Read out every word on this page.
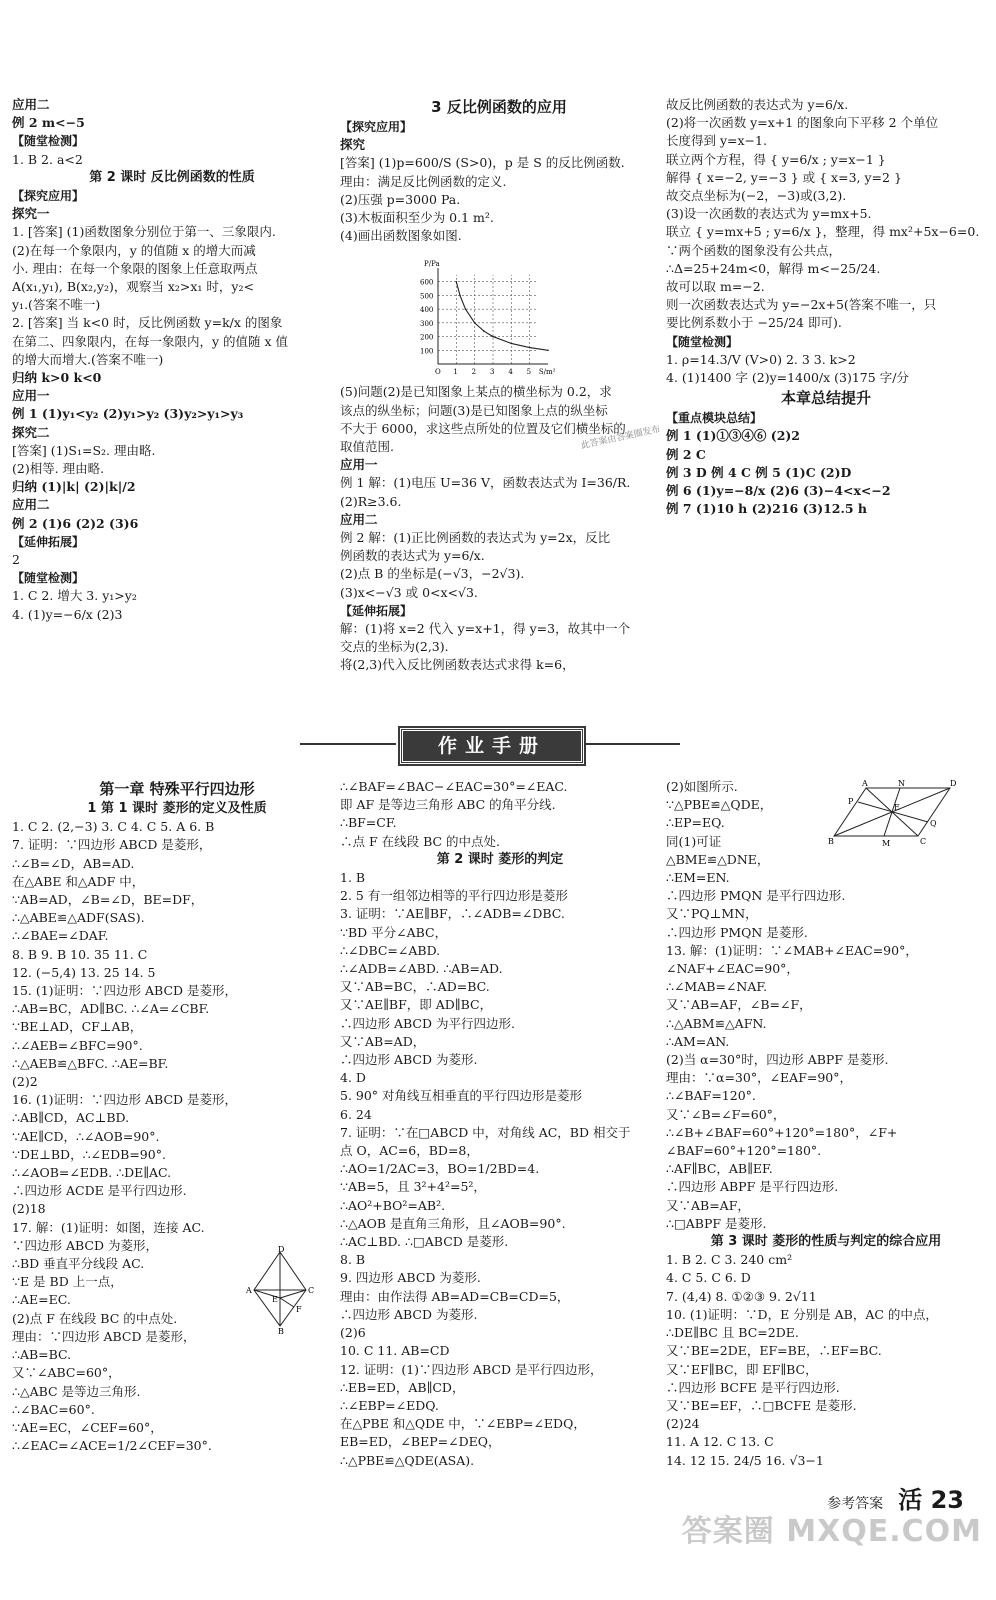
应用二
例 2 m<−5
【随堂检测】
1. B 2. a<2
第 2 课时 反比例函数的性质
【探究应用】
探究一
1. [答案] (1)函数图象分别位于第一、三象限内.
(2)在每一个象限内，y 的值随 x 的增大而减
小. 理由：在每一个象限的图象上任意取两点
A(x₁,y₁), B(x₂,y₂)，观察当 x₂>x₁ 时，y₂<
y₁.(答案不唯一)
2. [答案] 当 k<0 时，反比例函数 y=k/x 的图象
在第二、四象限内，在每一象限内，y 的值随 x 值
的增大而增大.(答案不唯一)
归纳 k>0 k<0
应用一
例 1 (1)y₁<y₂ (2)y₁>y₂ (3)y₂>y₁>y₃
探究二
[答案] (1)S₁=S₂. 理由略.
(2)相等. 理由略.
归纳 (1)|k| (2)|k|/2
应用二
例 2 (1)6 (2)2 (3)6
【延伸拓展】
2
【随堂检测】
1. C 2. 增大 3. y₁>y₂
4. (1)y=−6/x (2)3
3 反比例函数的应用
【探究应用】
探究
[答案] (1)p=600/S (S>0)，p 是 S 的反比例函数.
理由：满足反比例函数的定义.
(2)压强 p=3000 Pa.
(3)木板面积至少为 0.1 m².
(4)画出函数图象如图.
(5)问题(2)是已知图象上某点的横坐标为 0.2，求
该点的纵坐标；问题(3)是已知图象上点的纵坐标
不大于 6000，求这些点所处的位置及它们横坐标的
取值范围.
应用一
例 1 解：(1)电压 U=36 V，函数表达式为 I=36/R.
(2)R≥3.6.
应用二
例 2 解：(1)正比例函数的表达式为 y=2x，反比
例函数的表达式为 y=6/x.
(2)点 B 的坐标是(−√3，−2√3).
(3)x<−√3 或 0<x<√3.
【延伸拓展】
解：(1)将 x=2 代入 y=x+1，得 y=3，故其中一个
交点的坐标为(2,3).
将(2,3)代入反比例函数表达式求得 k=6，
故反比例函数的表达式为 y=6/x.
(2)将一次函数 y=x+1 的图象向下平移 2 个单位
长度得到 y=x−1.
联立两个方程，得 { y=6/x ; y=x−1 }
解得 { x=−2, y=−3 } 或 { x=3, y=2 }
故交点坐标为(−2，−3)或(3,2).
(3)设一次函数的表达式为 y=mx+5.
联立 { y=mx+5 ; y=6/x }，整理，得 mx²+5x−6=0.
∵两个函数的图象没有公共点，
∴Δ=25+24m<0，解得 m<−25/24.
故可以取 m=−2.
则一次函数表达式为 y=−2x+5(答案不唯一，只
要比例系数小于 −25/24 即可).
【随堂检测】
1. ρ=14.3/V (V>0) 2. 3 3. k>2
4. (1)1400 字 (2)y=1400/x (3)175 字/分
本章总结提升
【重点模块总结】
例 1 (1)①③④⑥ (2)2
例 2 C
例 3 D 例 4 C 例 5 (1)C (2)D
例 6 (1)y=−8/x (2)6 (3)−4<x<−2
例 7 (1)10 h (2)216 (3)12.5 h
O 1 2 3 4 5
100
200
300
400
500
600
S/m²
P/Pa
作业手册
第一章 特殊平行四边形
1 第 1 课时 菱形的定义及性质
1. C 2. (2,−3) 3. C 4. C 5. A 6. B
7. 证明：∵四边形 ABCD 是菱形，
∴∠B=∠D，AB=AD.
在△ABE 和△ADF 中，
∵AB=AD，∠B=∠D，BE=DF，
∴△ABE≌△ADF(SAS).
∴∠BAE=∠DAF.
8. B 9. B 10. 35 11. C
12. (−5,4) 13. 25 14. 5
15. (1)证明：∵四边形 ABCD 是菱形，
∴AB=BC，AD∥BC. ∴∠A=∠CBF.
∵BE⊥AD，CF⊥AB，
∴∠AEB=∠BFC=90°.
∴△AEB≌△BFC. ∴AE=BF.
(2)2
16. (1)证明：∵四边形 ABCD 是菱形，
∴AB∥CD，AC⊥BD.
∵AE∥CD，∴∠AOB=90°.
∵DE⊥BD，∴∠EDB=90°.
∴∠AOB=∠EDB. ∴DE∥AC.
∴四边形 ACDE 是平行四边形.
(2)18
17. 解：(1)证明：如图，连接 AC.
∵四边形 ABCD 为菱形，
∴BD 垂直平分线段 AC.
∵E 是 BD 上一点，
∴AE=EC.
(2)点 F 在线段 BC 的中点处.
理由：∵四边形 ABCD 是菱形，
∴AB=BC.
又∵∠ABC=60°，
∴△ABC 是等边三角形.
∴∠BAC=60°.
∵AE=EC，∠CEF=60°，
∴∠EAC=∠ACE=1/2∠CEF=30°.
∴∠BAF=∠BAC−∠EAC=30°=∠EAC.
即 AF 是等边三角形 ABC 的角平分线.
∴BF=CF.
∴点 F 在线段 BC 的中点处.
第 2 课时 菱形的判定
1. B
2. 5 有一组邻边相等的平行四边形是菱形
3. 证明：∵AE∥BF，∴∠ADB=∠DBC.
∵BD 平分∠ABC，
∴∠DBC=∠ABD.
∴∠ADB=∠ABD. ∴AB=AD.
又∵AB=BC，∴AD=BC.
又∵AE∥BF，即 AD∥BC，
∴四边形 ABCD 为平行四边形.
又∵AB=AD，
∴四边形 ABCD 为菱形.
4. D
5. 90° 对角线互相垂直的平行四边形是菱形
6. 24
7. 证明：∵在□ABCD 中，对角线 AC，BD 相交于
点 O，AC=6，BD=8，
∴AO=1/2AC=3，BO=1/2BD=4.
∵AB=5，且 3²+4²=5²，
∴AO²+BO²=AB².
∴△AOB 是直角三角形，且∠AOB=90°.
∴AC⊥BD. ∴□ABCD 是菱形.
8. B
9. 四边形 ABCD 为菱形.
理由：由作法得 AB=AD=CB=CD=5，
∴四边形 ABCD 为菱形.
(2)6
10. C 11. AB=CD
12. 证明：(1)∵四边形 ABCD 是平行四边形，
∴EB=ED，AB∥CD，
∴∠EBP=∠EDQ.
在△PBE 和△QDE 中，∵∠EBP=∠EDQ，
EB=ED，∠BEP=∠DEQ，
∴△PBE≌△QDE(ASA).
(2)如图所示.
∵△PBE≌△QDE，
∴EP=EQ.
同(1)可证
△BME≌△DNE，
∴EM=EN.
∴四边形 PMQN 是平行四边形.
又∵PQ⊥MN，
∴四边形 PMQN 是菱形.
13. 解：(1)证明：∵∠MAB+∠EAC=90°，
∠NAF+∠EAC=90°，
∴∠MAB=∠NAF.
又∵AB=AF，∠B=∠F，
∴△ABM≌△AFN.
∴AM=AN.
(2)当 α=30°时，四边形 ABPF 是菱形.
理由：∵α=30°，∠EAF=90°，
∴∠BAF=120°.
又∵∠B=∠F=60°，
∴∠B+∠BAF=60°+120°=180°，∠F+
∠BAF=60°+120°=180°.
∴AF∥BC，AB∥EF.
∴四边形 ABPF 是平行四边形.
又∵AB=AF，
∴□ABPF 是菱形.
第 3 课时 菱形的性质与判定的综合应用
1. B 2. C 3. 240 cm²
4. C 5. C 6. D
7. (4,4) 8. ①②③ 9. 2√11
10. (1)证明：∵D，E 分别是 AB，AC 的中点，
∴DE∥BC 且 BC=2DE.
又∵BE=2DE，EF=BE，∴EF=BC.
又∵EF∥BC，即 EF∥BC，
∴四边形 BCFE 是平行四边形.
又∵BE=EF，∴□BCFE 是菱形.
(2)24
11. A 12. C 13. C
14. 12 15. 24/5 16. √3−1
D
A	C
B
E
F
A	N	D
P
E
Q
B	M	C
此答案由答案圈发布
参考答案 活 23
答案圈 MXQE.COM
